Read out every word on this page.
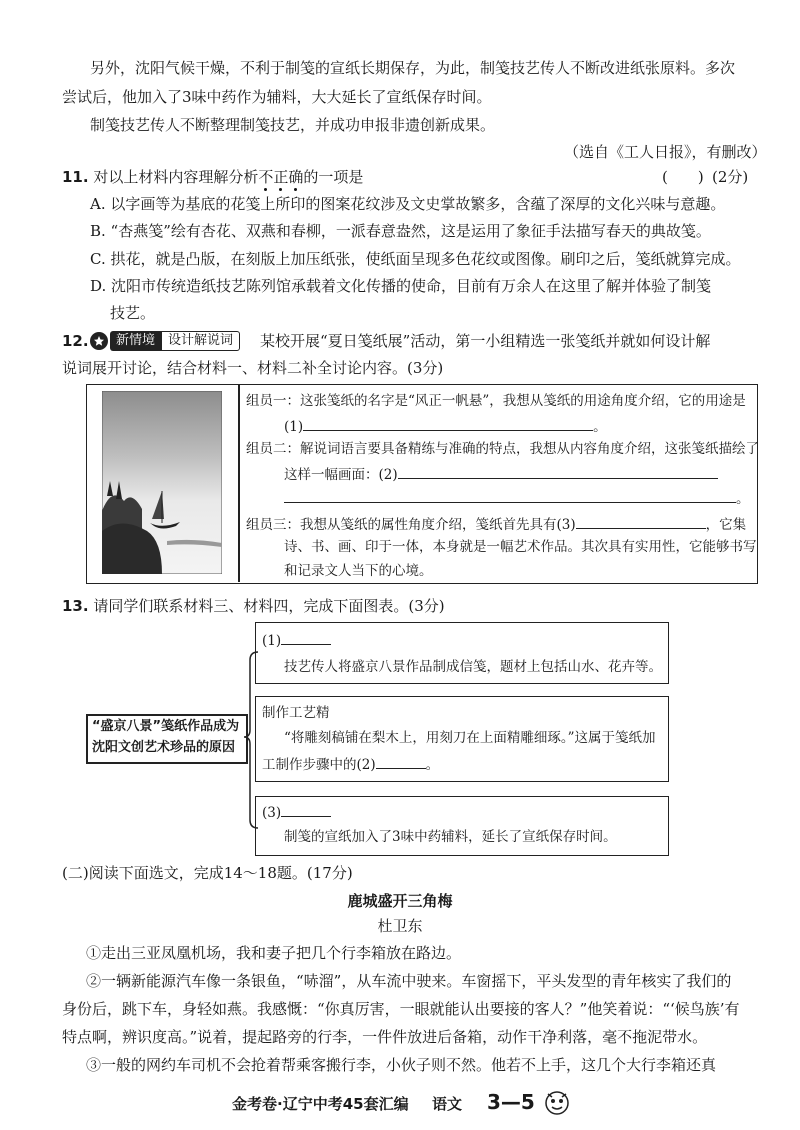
另外，沈阳气候干燥，不利于制笺的宣纸长期保存，为此，制笺技艺传人不断改进纸张原料。多次
尝试后，他加入了3味中药作为辅料，大大延长了宣纸保存时间。
制笺技艺传人不断整理制笺技艺，并成功申报非遗创新成果。
（选自《工人日报》，有删改）
11. 对以上材料内容理解分析不正确的一项是	(　　) (2分)
A. 以字画等为基底的花笺上所印的图案花纹涉及文史掌故繁多，含蕴了深厚的文化兴味与意趣。
B. “杏燕笺”绘有杏花、双燕和春柳，一派春意盎然，这是运用了象征手法描写春天的典故笺。
C. 拱花，就是凸版，在刻版上加压纸张，使纸面呈现多色花纹或图像。刷印之后，笺纸就算完成。
D. 沈阳市传统造纸技艺陈列馆承载着文化传播的使命，目前有万余人在这里了解并体验了制笺
技艺。
12.	新情境	设计解说词	某校开展“夏日笺纸展”活动，第一小组精选一张笺纸并就如何设计解
说词展开讨论，结合材料一、材料二补全讨论内容。(3分)
组员一：这张笺纸的名字是“风正一帆悬”，我想从笺纸的用途角度介绍，它的用途是
(1)	。
组员二：解说词语言要具备精练与准确的特点，我想从内容角度介绍，这张笺纸描绘了
这样一幅画面：(2)
。
组员三：我想从笺纸的属性角度介绍，笺纸首先具有(3)	，它集
诗、书、画、印于一体，本身就是一幅艺术作品。其次具有实用性，它能够书写
和记录文人当下的心境。
13. 请同学们联系材料三、材料四，完成下面图表。(3分)
“盛京八景”笺纸作品成为
沈阳文创艺术珍品的原因
(1)
技艺传人将盛京八景作品制成信笺，题材上包括山水、花卉等。
制作工艺精
“将雕刻稿铺在梨木上，用刻刀在上面精雕细琢。”这属于笺纸加
工制作步骤中的(2)	。
(3)
制笺的宣纸加入了3味中药辅料，延长了宣纸保存时间。
(二)阅读下面选文，完成14～18题。(17分)
鹿城盛开三角梅
杜卫东
①走出三亚凤凰机场，我和妻子把几个行李箱放在路边。
②一辆新能源汽车像一条银鱼，“哧溜”，从车流中驶来。车窗摇下，平头发型的青年核实了我们的
身份后，跳下车，身轻如燕。我感慨：“你真厉害，一眼就能认出要接的客人？”他笑着说：“‘候鸟族’有
特点啊，辨识度高。”说着，提起路旁的行李，一件件放进后备箱，动作干净利落，毫不拖泥带水。
③一般的网约车司机不会抢着帮乘客搬行李，小伙子则不然。他若不上手，这几个大行李箱还真
金考卷·辽宁中考45套汇编 语文 3—5
